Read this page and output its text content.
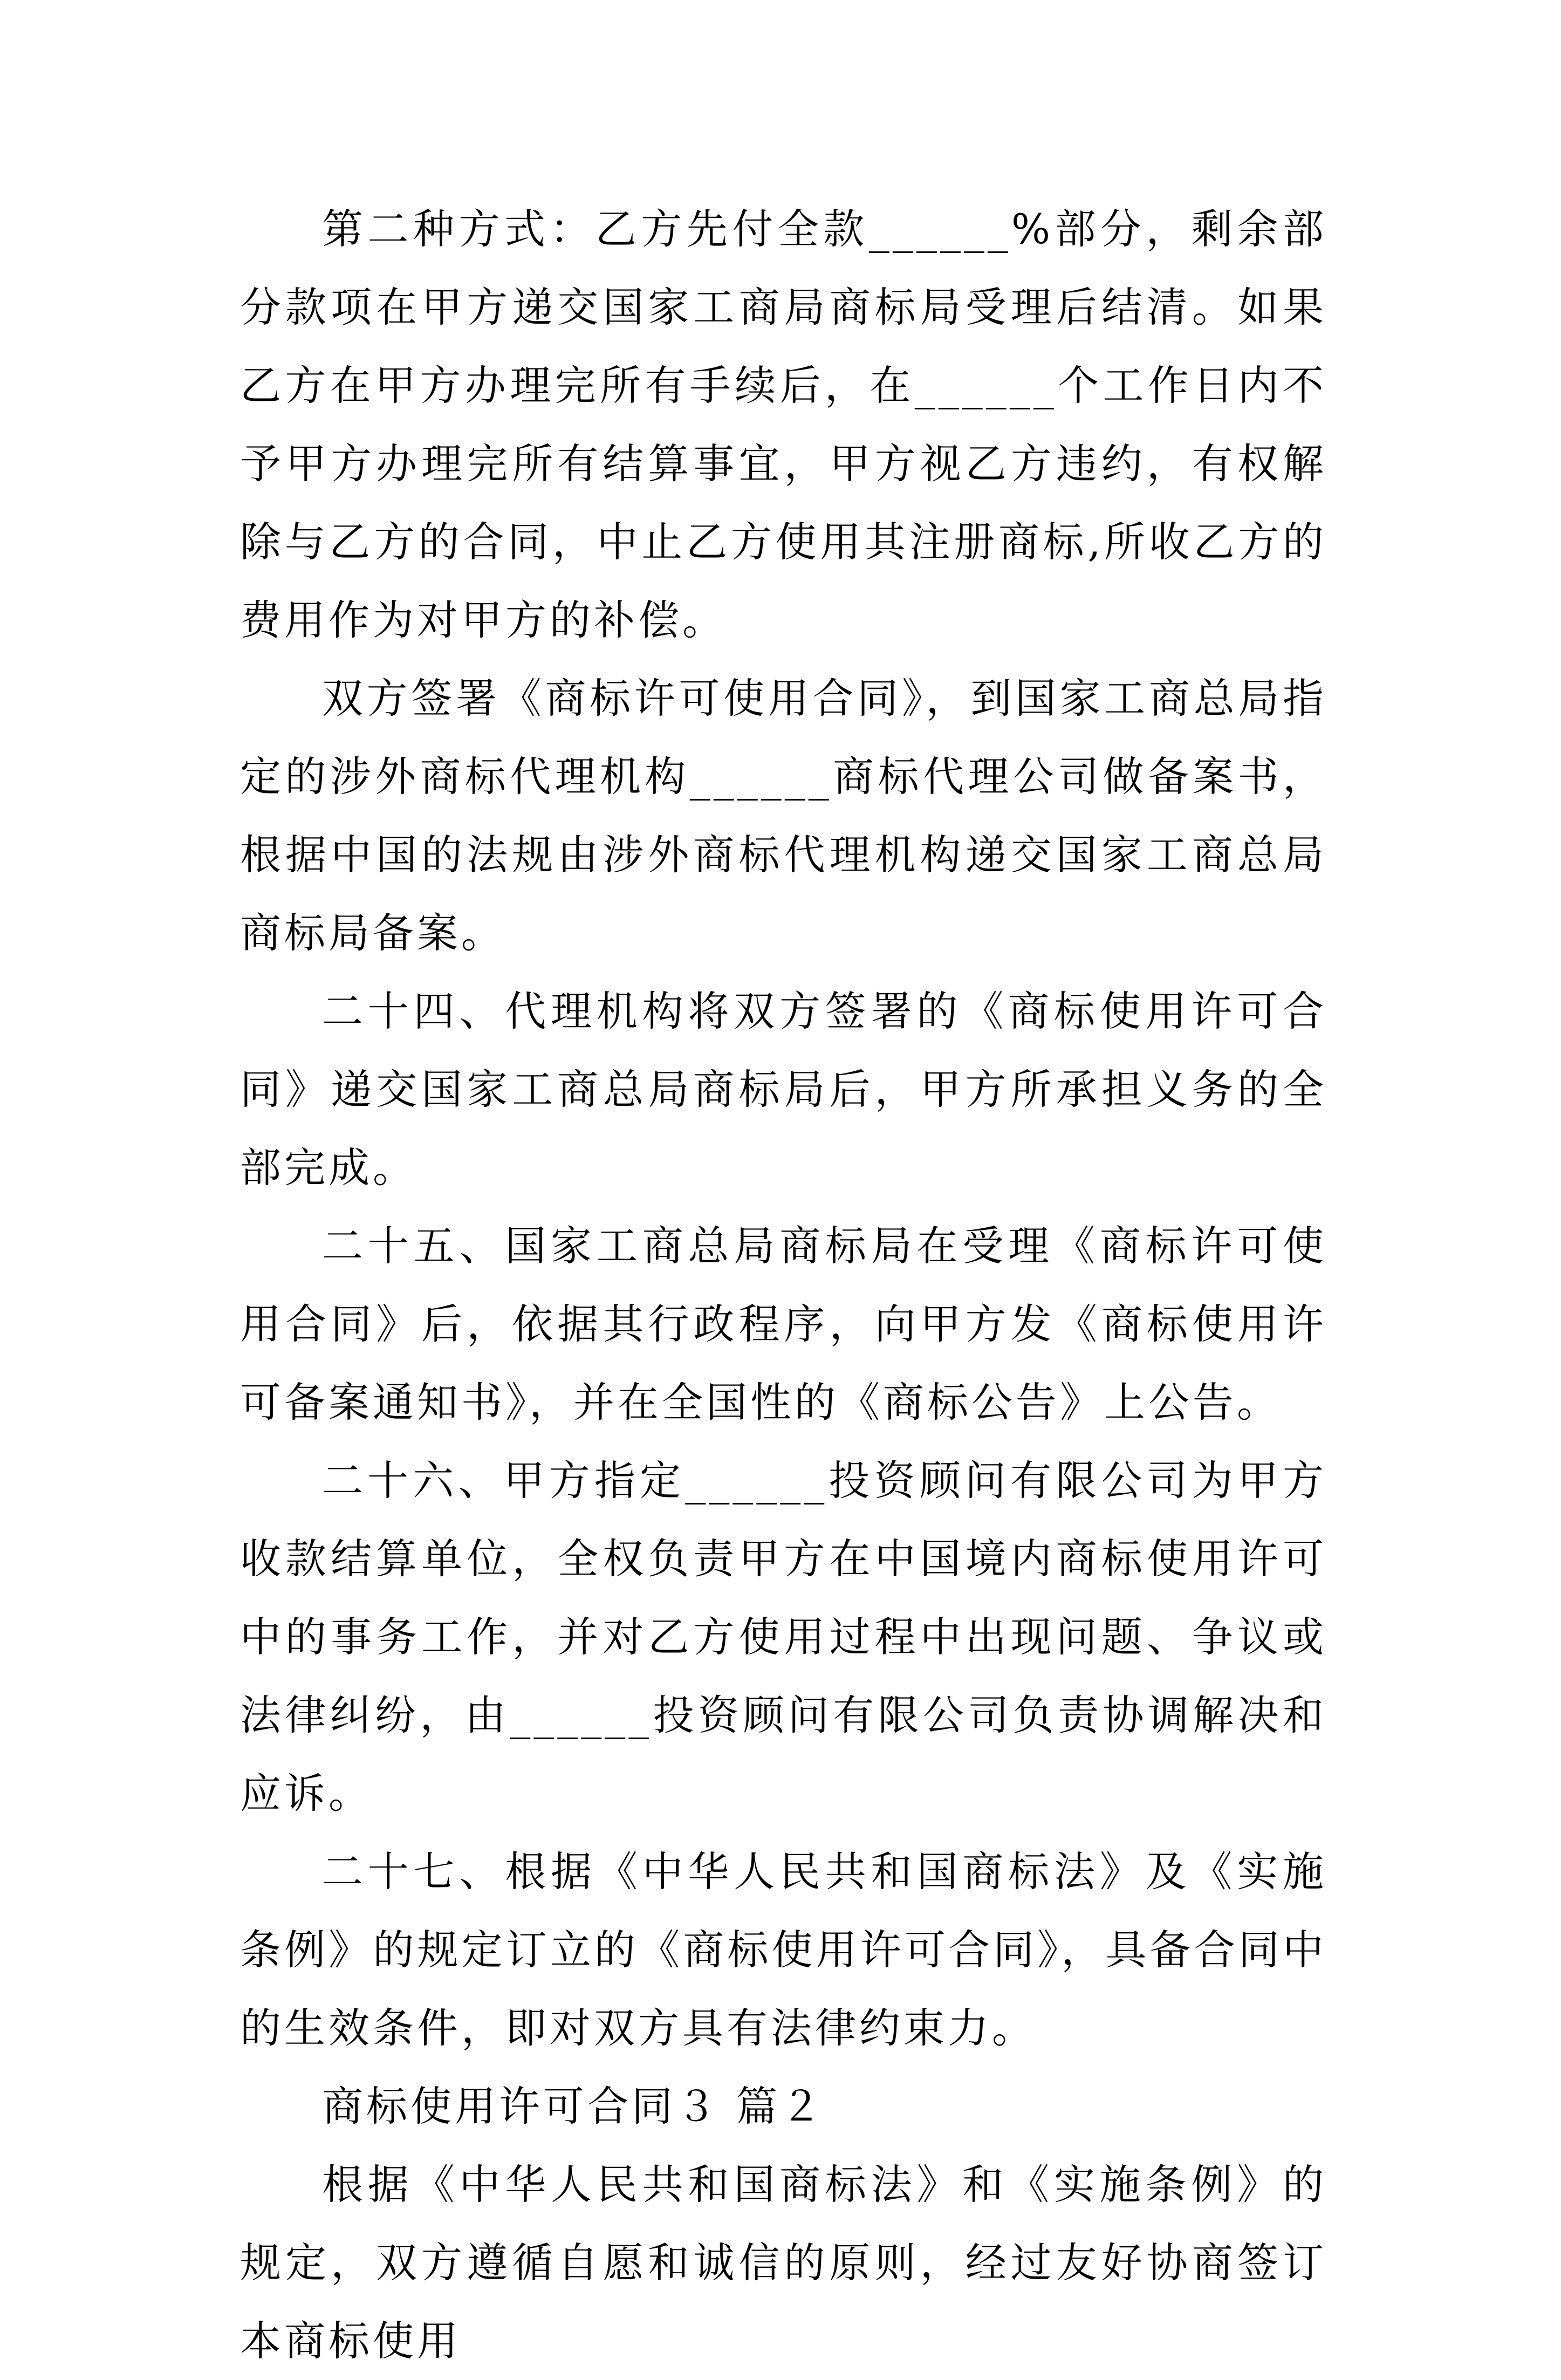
第二种方式：乙方先付全款______%部分，剩余部分款项在甲方递交国家工商局商标局受理后结清。如果乙方在甲方办理完所有手续后，在______个工作日内不予甲方办理完所有结算事宜，甲方视乙方违约，有权解除与乙方的合同，中止乙方使用其注册商标,所收乙方的费用作为对甲方的补偿。

双方签署《商标许可使用合同》，到国家工商总局指定的涉外商标代理机构______商标代理公司做备案书，根据中国的法规由涉外商标代理机构递交国家工商总局商标局备案。

二十四、代理机构将双方签署的《商标使用许可合同》递交国家工商总局商标局后，甲方所承担义务的全部完成。

二十五、国家工商总局商标局在受理《商标许可使用合同》后，依据其行政程序，向甲方发《商标使用许可备案通知书》，并在全国性的《商标公告》上公告。

二十六、甲方指定______投资顾问有限公司为甲方收款结算单位，全权负责甲方在中国境内商标使用许可中的事务工作，并对乙方使用过程中出现问题、争议或法律纠纷，由______投资顾问有限公司负责协调解决和应诉。

二十七、根据《中华人民共和国商标法》及《实施条例》的规定订立的《商标使用许可合同》，具备合同中的生效条件，即对双方具有法律约束力。

商标使用许可合同３ 篇２

根据《中华人民共和国商标法》和《实施条例》的规定，双方遵循自愿和诚信的原则，经过友好协商签订本商标使用
